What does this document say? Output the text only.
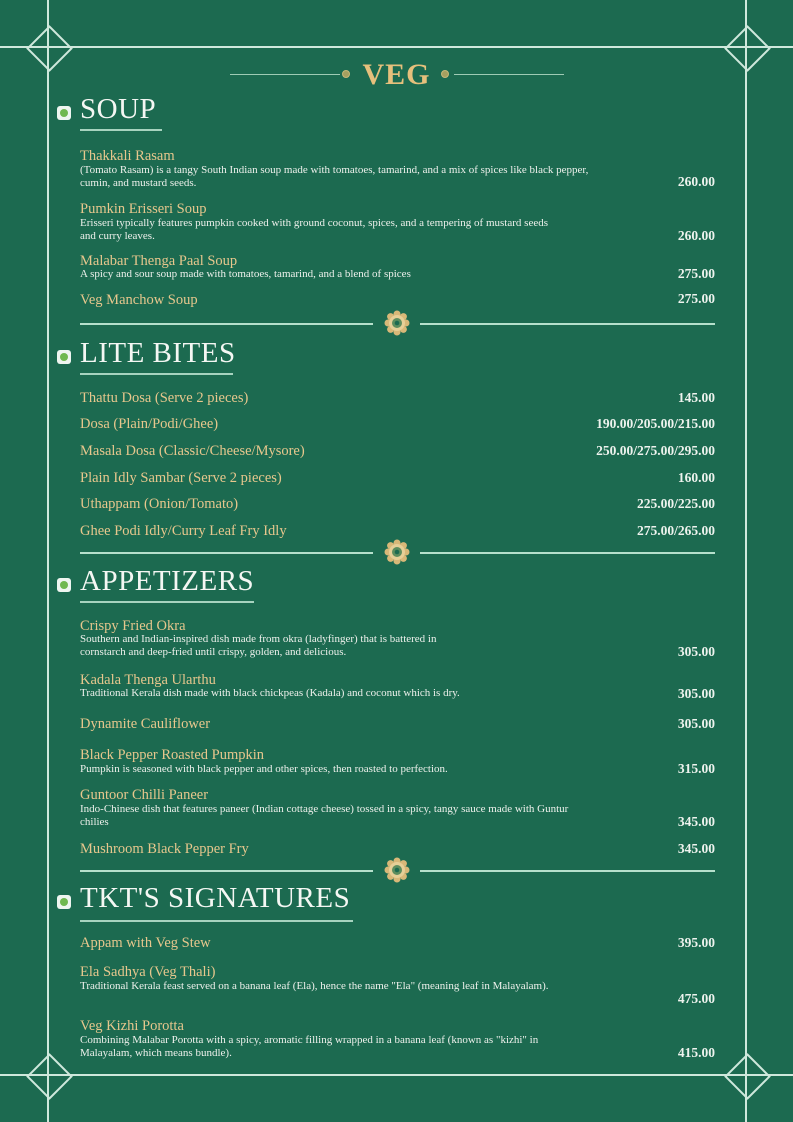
VEG
SOUP
Thakkali Rasam
(Tomato Rasam) is a tangy South Indian soup made with tomatoes, tamarind, and a mix of spices like black pepper, cumin, and mustard seeds.	260.00
Pumkin Erisseri Soup
Erisseri typically features pumpkin cooked with ground coconut, spices, and a tempering of mustard seeds and curry leaves.	260.00
Malabar Thenga Paal Soup
A spicy and sour soup made with tomatoes, tamarind, and a blend of spices	275.00
Veg Manchow Soup	275.00
LITE BITES
Thattu Dosa (Serve 2 pieces)	145.00
Dosa (Plain/Podi/Ghee)	190.00/205.00/215.00
Masala Dosa (Classic/Cheese/Mysore)	250.00/275.00/295.00
Plain Idly Sambar (Serve 2 pieces)	160.00
Uthappam (Onion/Tomato)	225.00/225.00
Ghee Podi Idly/Curry Leaf Fry Idly	275.00/265.00
APPETIZERS
Crispy Fried Okra
Southern and Indian-inspired dish made from okra (ladyfinger) that is battered in cornstarch and deep-fried until crispy, golden, and delicious.	305.00
Kadala Thenga Ularthu
Traditional Kerala dish made with black chickpeas (Kadala) and coconut which is dry.	305.00
Dynamite Cauliflower	305.00
Black Pepper Roasted Pumpkin
Pumpkin is seasoned with black pepper and other spices, then roasted to perfection.	315.00
Guntoor Chilli Paneer
Indo-Chinese dish that features paneer (Indian cottage cheese) tossed in a spicy, tangy sauce made with Guntur chilies	345.00
Mushroom Black Pepper Fry	345.00
TKT'S SIGNATURES
Appam with Veg Stew	395.00
Ela Sadhya (Veg Thali)
Traditional Kerala feast served on a banana leaf (Ela), hence the name "Ela" (meaning leaf in Malayalam).
475.00
Veg Kizhi Porotta
Combining Malabar Porotta with a spicy, aromatic filling wrapped in a banana leaf (known as "kizhi" in Malayalam, which means bundle).	415.00
